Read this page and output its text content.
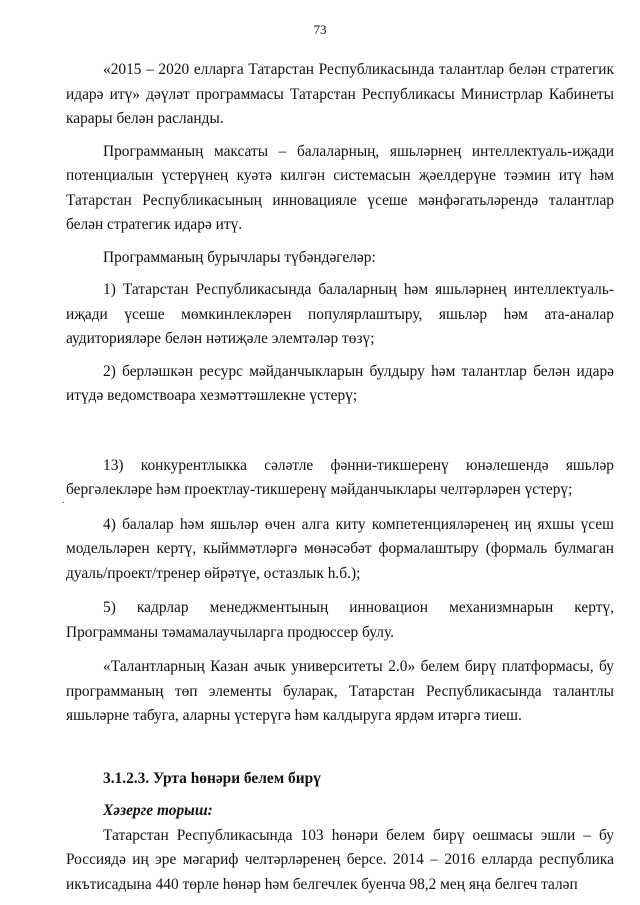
73
.

«2015 – 2020 елларга Татарстан Республикасында талантлар белән стратегик идарә итү» дәүләт программасы Татарстан Республикасы Министрлар Кабинеты карары белән расланды.

Программаның максаты – балаларның, яшьләрнең интеллектуаль-иҗади потенциалын үстерүнең куәтә килгән системасын җәелдерүне тәэмин итү һәм Татарстан Республикасының инновацияле үсеше мәнфәгатьләрендә талантлар белән стратегик идарә итү.

Программаның бурычлары түбәндәгеләр:

1) Татарстан Республикасында балаларның һәм яшьләрнең интеллектуаль-иҗади үсеше мөмкинлекләрен популярлаштыру, яшьләр һәм ата-аналар аудиторияләре белән нәтиҗәле элемтәләр төзү;

2) берләшкән ресурс мәйданчыкларын булдыру һәм талантлар белән идарә итүдә ведомствоара хезмәттәшлекне үстерү;

13) конкурентлыкка сәләтле фәнни-тикшеренү юнәлешендә яшьләр бергәлекләре һәм проектлау-тикшеренү мәйданчыклары челтәрләрен үстерү;

4) балалар һәм яшьләр өчен алга киту компетенцияләренең иң яхшы үсеш модельләрен кертү, кыйммәтләргә мөнәсәбәт формалаштыру (формаль булмаган дуаль/проект/тренер өйрәтүе, остазлык һ.б.);

5) кадрлар менеджментының инновацион механизмнарын кертү, Программаны тәмамалаучыларга продюссер булу.

«Талантларның Казан ачык университеты 2.0» белем бирү платформасы, бу программаның төп элементы буларак, Татарстан Республикасында талантлы яшьләрне табуга, аларны үстерүгә һәм калдыруга ярдәм итәргә тиеш.

3.1.2.3. Урта һөнәри белем бирү

Хәзерге торыш:

Татарстан Республикасында 103 һөнәри белем бирү оешмасы эшли – бу Россиядә иң эре мәгариф челтәрләренең берсе. 2014 – 2016 елларда республика икътисадына 440 төрле һөнәр һәм белгечлек буенча 98,2 мең яңа белгеч таләп
